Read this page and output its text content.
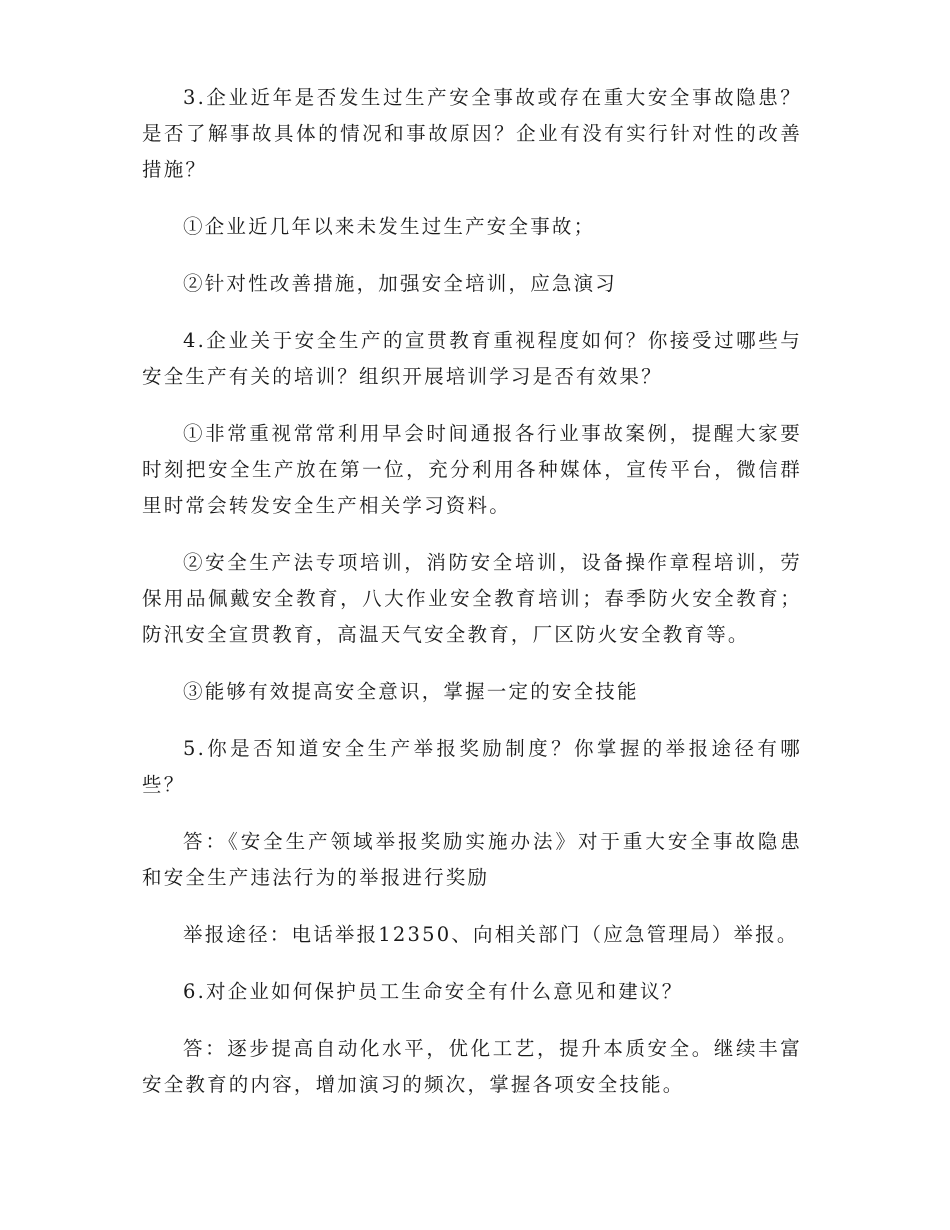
3.企业近年是否发生过生产安全事故或存在重大安全事故隐患？是否了解事故具体的情况和事故原因？企业有没有实行针对性的改善措施？

①企业近几年以来未发生过生产安全事故；

②针对性改善措施，加强安全培训，应急演习

4.企业关于安全生产的宣贯教育重视程度如何？你接受过哪些与安全生产有关的培训？组织开展培训学习是否有效果？

①非常重视常常利用早会时间通报各行业事故案例，提醒大家要时刻把安全生产放在第一位，充分利用各种媒体，宣传平台，微信群里时常会转发安全生产相关学习资料。

②安全生产法专项培训，消防安全培训，设备操作章程培训，劳保用品佩戴安全教育，八大作业安全教育培训；春季防火安全教育；防汛安全宣贯教育，高温天气安全教育，厂区防火安全教育等。

③能够有效提高安全意识，掌握一定的安全技能

5.你是否知道安全生产举报奖励制度？你掌握的举报途径有哪些？

答：《安全生产领域举报奖励实施办法》对于重大安全事故隐患和安全生产违法行为的举报进行奖励

举报途径：电话举报12350、向相关部门（应急管理局）举报。

6.对企业如何保护员工生命安全有什么意见和建议？

答：逐步提高自动化水平，优化工艺，提升本质安全。继续丰富安全教育的内容，增加演习的频次，掌握各项安全技能。
